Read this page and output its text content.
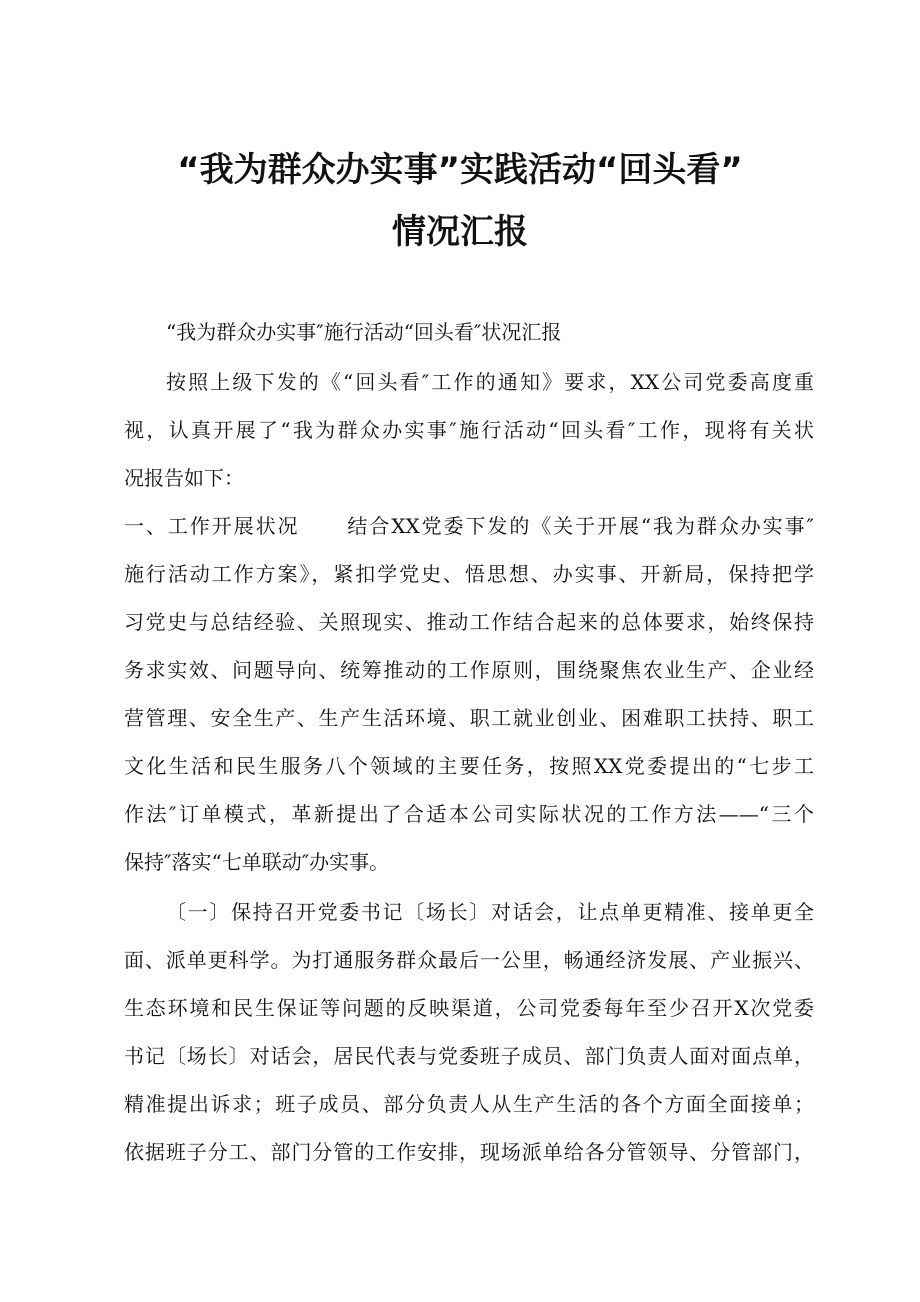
“我为群众办实事”实践活动“回头看”
情况汇报
“我为群众办实事″施行活动“回头看″状况汇报
按照上级下发的《“回头看″工作的通知》要求，XX公司党委高度重
视，认真开展了“我为群众办实事″施行活动“回头看″工作，现将有关状
况报告如下：
一、工作开展状况 结合XX党委下发的《关于开展“我为群众办实事″
施行活动工作方案》，紧扣学党史、悟思想、办实事、开新局，保持把学
习党史与总结经验、关照现实、推动工作结合起来的总体要求，始终保持
务求实效、问题导向、统筹推动的工作原则，围绕聚焦农业生产、企业经
营管理、安全生产、生产生活环境、职工就业创业、困难职工扶持、职工
文化生活和民生服务八个领域的主要任务，按照XX党委提出的“七步工
作法″订单模式，革新提出了合适本公司实际状况的工作方法——“三个
保持″落实“七单联动″办实事。
〔一〕保持召开党委书记〔场长〕对话会，让点单更精准、接单更全
面、派单更科学。为打通服务群众最后一公里，畅通经济发展、产业振兴、
生态环境和民生保证等问题的反映渠道，公司党委每年至少召开X次党委
书记〔场长〕对话会，居民代表与党委班子成员、部门负责人面对面点单，
精准提出诉求；班子成员、部分负责人从生产生活的各个方面全面接单；
依据班子分工、部门分管的工作安排，现场派单给各分管领导、分管部门，
